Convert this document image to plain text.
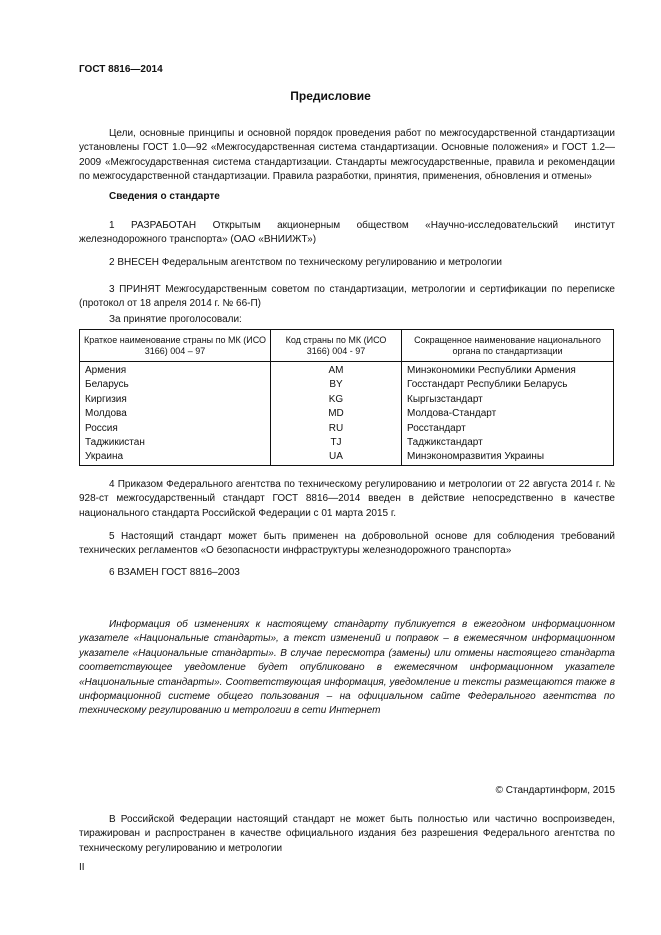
ГОСТ 8816—2014
Предисловие
Цели, основные принципы и основной порядок проведения работ по межгосударственной стандартизации установлены ГОСТ 1.0—92 «Межгосударственная система стандартизации. Основные положения» и ГОСТ 1.2—2009 «Межгосударственная система стандартизации. Стандарты межгосударственные, правила и рекомендации по межгосударственной стандартизации. Правила разработки, принятия, применения, обновления и отмены»
Сведения о стандарте
1 РАЗРАБОТАН Открытым акционерным обществом «Научно-исследовательский институт железнодорожного транспорта» (ОАО «ВНИИЖТ»)
2 ВНЕСЕН Федеральным агентством по техническому регулированию и метрологии
3 ПРИНЯТ Межгосударственным советом по стандартизации, метрологии и сертификации по переписке (протокол от 18 апреля 2014 г. № 66-П)
За принятие проголосовали:
Краткое наименование страны по МК (ИСО 3166) 004 – 97	Код страны по МК (ИСО 3166) 004 - 97	Сокращенное наименование национального органа по стандартизации
Армения	AM	Минэкономики Республики Армения
Беларусь	BY	Госстандарт Республики Беларусь
Киргизия	KG	Кыргызстандарт
Молдова	MD	Молдова-Стандарт
Россия	RU	Росстандарт
Таджикистан	TJ	Таджикстандарт
Украина	UA	Минэкономразвития Украины
4 Приказом Федерального агентства по техническому регулированию и метрологии от 22 августа 2014 г. № 928-ст межгосударственный стандарт ГОСТ 8816—2014 введен в действие непосредственно в качестве национального стандарта Российской Федерации с 01 марта 2015 г.
5 Настоящий стандарт может быть применен на добровольной основе для соблюдения требований технических регламентов «О безопасности инфраструктуры железнодорожного транспорта»
6 ВЗАМЕН ГОСТ 8816–2003
Информация об изменениях к настоящему стандарту публикуется в ежегодном информационном указателе «Национальные стандарты», а текст изменений и поправок – в ежемесячном информационном указателе «Национальные стандарты». В случае пересмотра (замены) или отмены настоящего стандарта соответствующее уведомление будет опубликовано в ежемесячном информационном указателе «Национальные стандарты». Соответствующая информация, уведомление и тексты размещаются также в информационной системе общего пользования – на официальном сайте Федерального агентства по техническому регулированию и метрологии в сети Интернет
© Стандартинформ, 2015
В Российской Федерации настоящий стандарт не может быть полностью или частично воспроизведен, тиражирован и распространен в качестве официального издания без разрешения Федерального агентства по техническому регулированию и метрологии
II
